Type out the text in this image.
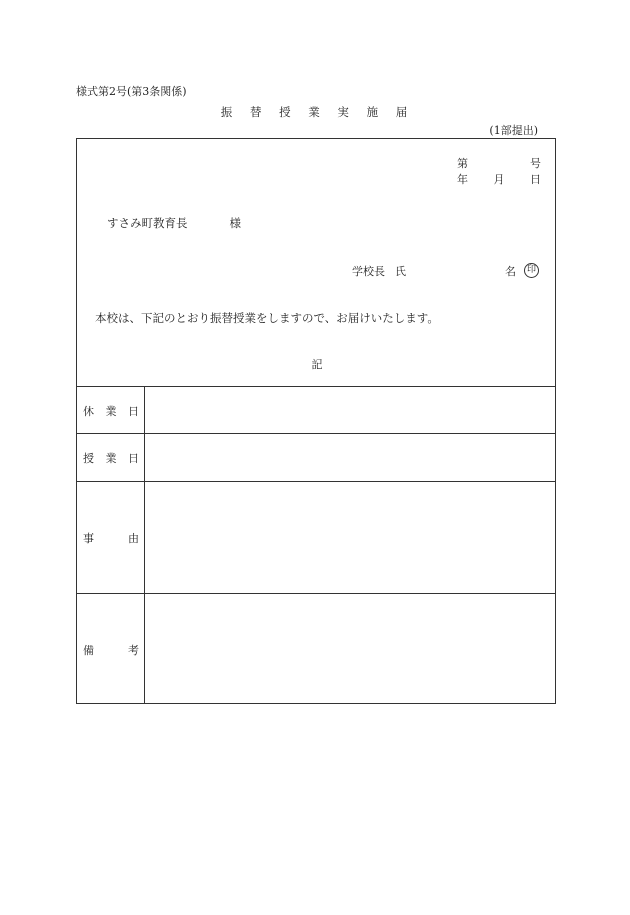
様式第2号(第3条関係)
振 替 授 業 実 施 届
(1部提出)
第	号
年 月 日
すさみ町教育長	様
学校長 氏	名	印
本校は、下記のとおり振替授業をしますので、お届けいたします。
記
休 業 日
授 業 日
事	由
備	考
